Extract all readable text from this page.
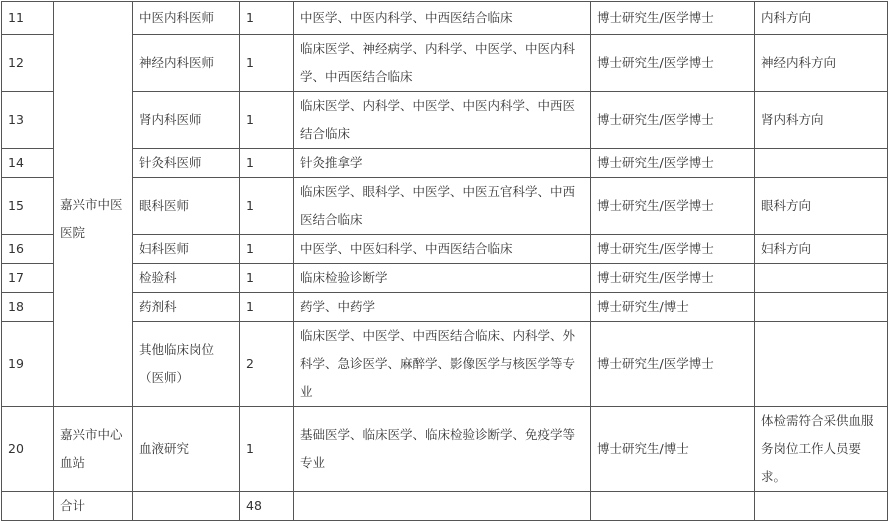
11	嘉兴市中医医院	中医内科医师	1	中医学、中医内科学、中西医结合临床	博士研究生/医学博士	内科方向
12		神经内科医师	1	临床医学、神经病学、内科学、中医学、中医内科学、中西医结合临床	博士研究生/医学博士	神经内科方向
13		肾内科医师	1	临床医学、内科学、中医学、中医内科学、中西医结合临床	博士研究生/医学博士	肾内科方向
14		针灸科医师	1	针灸推拿学	博士研究生/医学博士	
15		眼科医师	1	临床医学、眼科学、中医学、中医五官科学、中西医结合临床	博士研究生/医学博士	眼科方向
16		妇科医师	1	中医学、中医妇科学、中西医结合临床	博士研究生/医学博士	妇科方向
17		检验科	1	临床检验诊断学	博士研究生/医学博士	
18		药剂科	1	药学、中药学	博士研究生/博士	
19		其他临床岗位（医师）	2	临床医学、中医学、中西医结合临床、内科学、外科学、急诊医学、麻醉学、影像医学与核医学等专业	博士研究生/医学博士	
20	嘉兴市中心血站	血液研究	1	基础医学、临床医学、临床检验诊断学、免疫学等专业	博士研究生/博士	体检需符合采供血服务岗位工作人员要求。
	合计		48			
